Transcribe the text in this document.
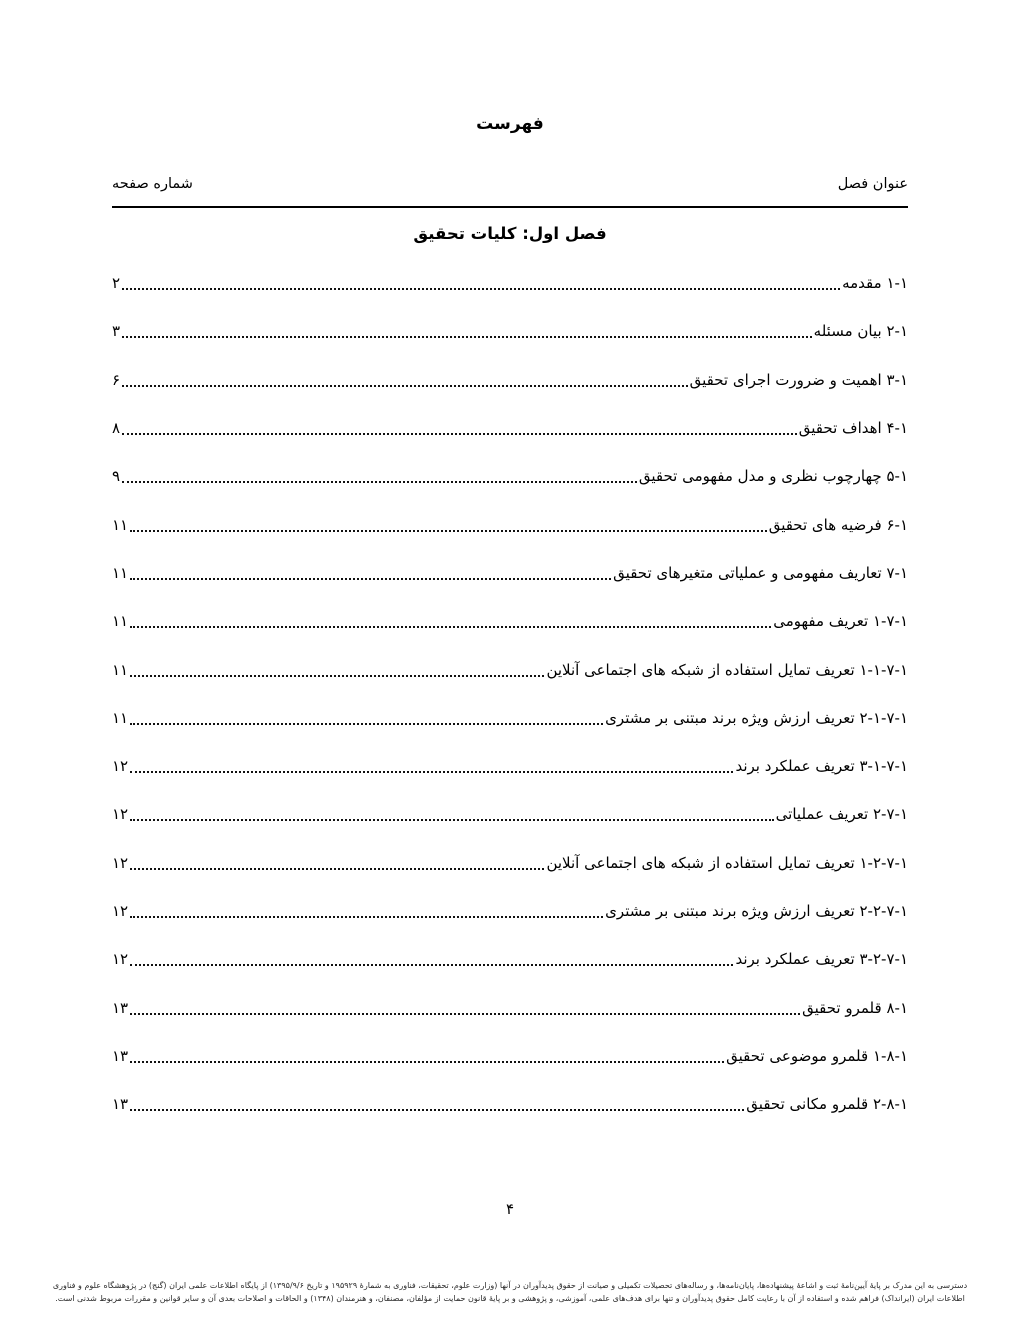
فهرست
عنوان فصل
شماره صفحه
فصل اول: کلیات تحقیق
۱‏-‏۱ مقدمه
۲
۱‏-‏۲ بیان مسئله
۳
۱‏-‏۳ اهمیت و ضرورت اجرای تحقیق
۶
۱‏-‏۴ اهداف تحقیق
۸
۱‏-‏۵ چهارچوب نظری و مدل مفهومی تحقیق
۹
۱‏-‏۶ فرضیه های تحقیق
۱۱
۱‏-‏۷ تعاریف مفهومی و عملیاتی متغیرهای تحقیق
۱۱
۱‏-‏۷‏-‏۱ تعریف مفهومی
۱۱
۱‏-‏۷‏-‏۱‏-‏۱ تعریف تمایل استفاده از شبکه های اجتماعی آنلاین
۱۱
۱‏-‏۷‏-‏۱‏-‏۲ تعریف ارزش ویژه برند مبتنی بر مشتری
۱۱
۱‏-‏۷‏-‏۱‏-‏۳ تعریف عملکرد برند
۱۲
۱‏-‏۷‏-‏۲ تعریف عملیاتی
۱۲
۱‏-‏۷‏-‏۲‏-‏۱ تعریف تمایل استفاده از شبکه های اجتماعی آنلاین
۱۲
۱‏-‏۷‏-‏۲‏-‏۲ تعریف ارزش ویژه برند مبتنی بر مشتری
۱۲
۱‏-‏۷‏-‏۲‏-‏۳ تعریف عملکرد برند
۱۲
۱‏-‏۸ قلمرو تحقیق
۱۳
۱‏-‏۸‏-‏۱ قلمرو موضوعی تحقیق
۱۳
۱‏-‏۸‏-‏۲ قلمرو مکانی تحقیق
۱۳
۴
دسترسی به این مدرک بر پایهٔ آیین‌نامهٔ ثبت و اشاعهٔ پیشنهاده‌ها، پایان‌نامه‌ها، و رساله‌های تحصیلات تکمیلی و صیانت از حقوق پدیدآوران در آنها (وزارت علوم، تحقیقات، فناوری به شمارهٔ ۱۹۵۹۲۹ و تاریخ ۱۳۹۵/۹/۶) از پایگاه اطلاعات علمی ایران (گنج) در پژوهشگاه علوم و فناوری
اطلاعات ایران (ایرانداک) فراهم شده و استفاده از آن با رعایت کامل حقوق پدیدآوران و تنها برای هدف‌های علمی، آموزشی، و پژوهشی و بر پایهٔ قانون حمایت از مؤلفان، مصنفان، و هنرمندان (۱۳۴۸) و الحاقات و اصلاحات بعدی آن و سایر قوانین و مقررات مربوط شدنی است.
